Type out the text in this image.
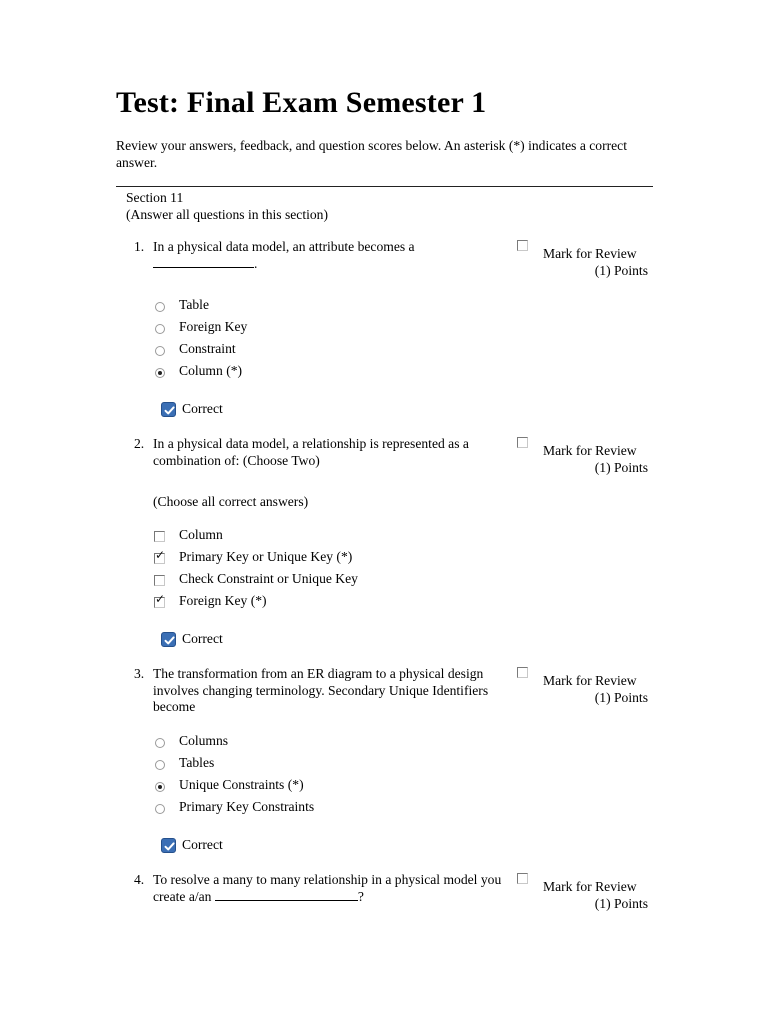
Test: Final Exam Semester 1
Review your answers, feedback, and question scores below. An asterisk (*) indicates a correct answer.
Section 11
(Answer all questions in this section)
1. In a physical data model, an attribute becomes a
.
Mark for Review
(1) Points
Table
Foreign Key
Constraint
Column (*)
Correct
2. In a physical data model, a relationship is represented as a combination of: (Choose Two)
Mark for Review
(1) Points
(Choose all correct answers)
Column
✓ Primary Key or Unique Key (*)
Check Constraint or Unique Key
✓ Foreign Key (*)
Correct
3. The transformation from an ER diagram to a physical design involves changing terminology. Secondary Unique Identifiers become
Mark for Review
(1) Points
Columns
Tables
Unique Constraints (*)
Primary Key Constraints
Correct
4. To resolve a many to many relationship in a physical model you create a/an	?
Mark for Review
(1) Points
